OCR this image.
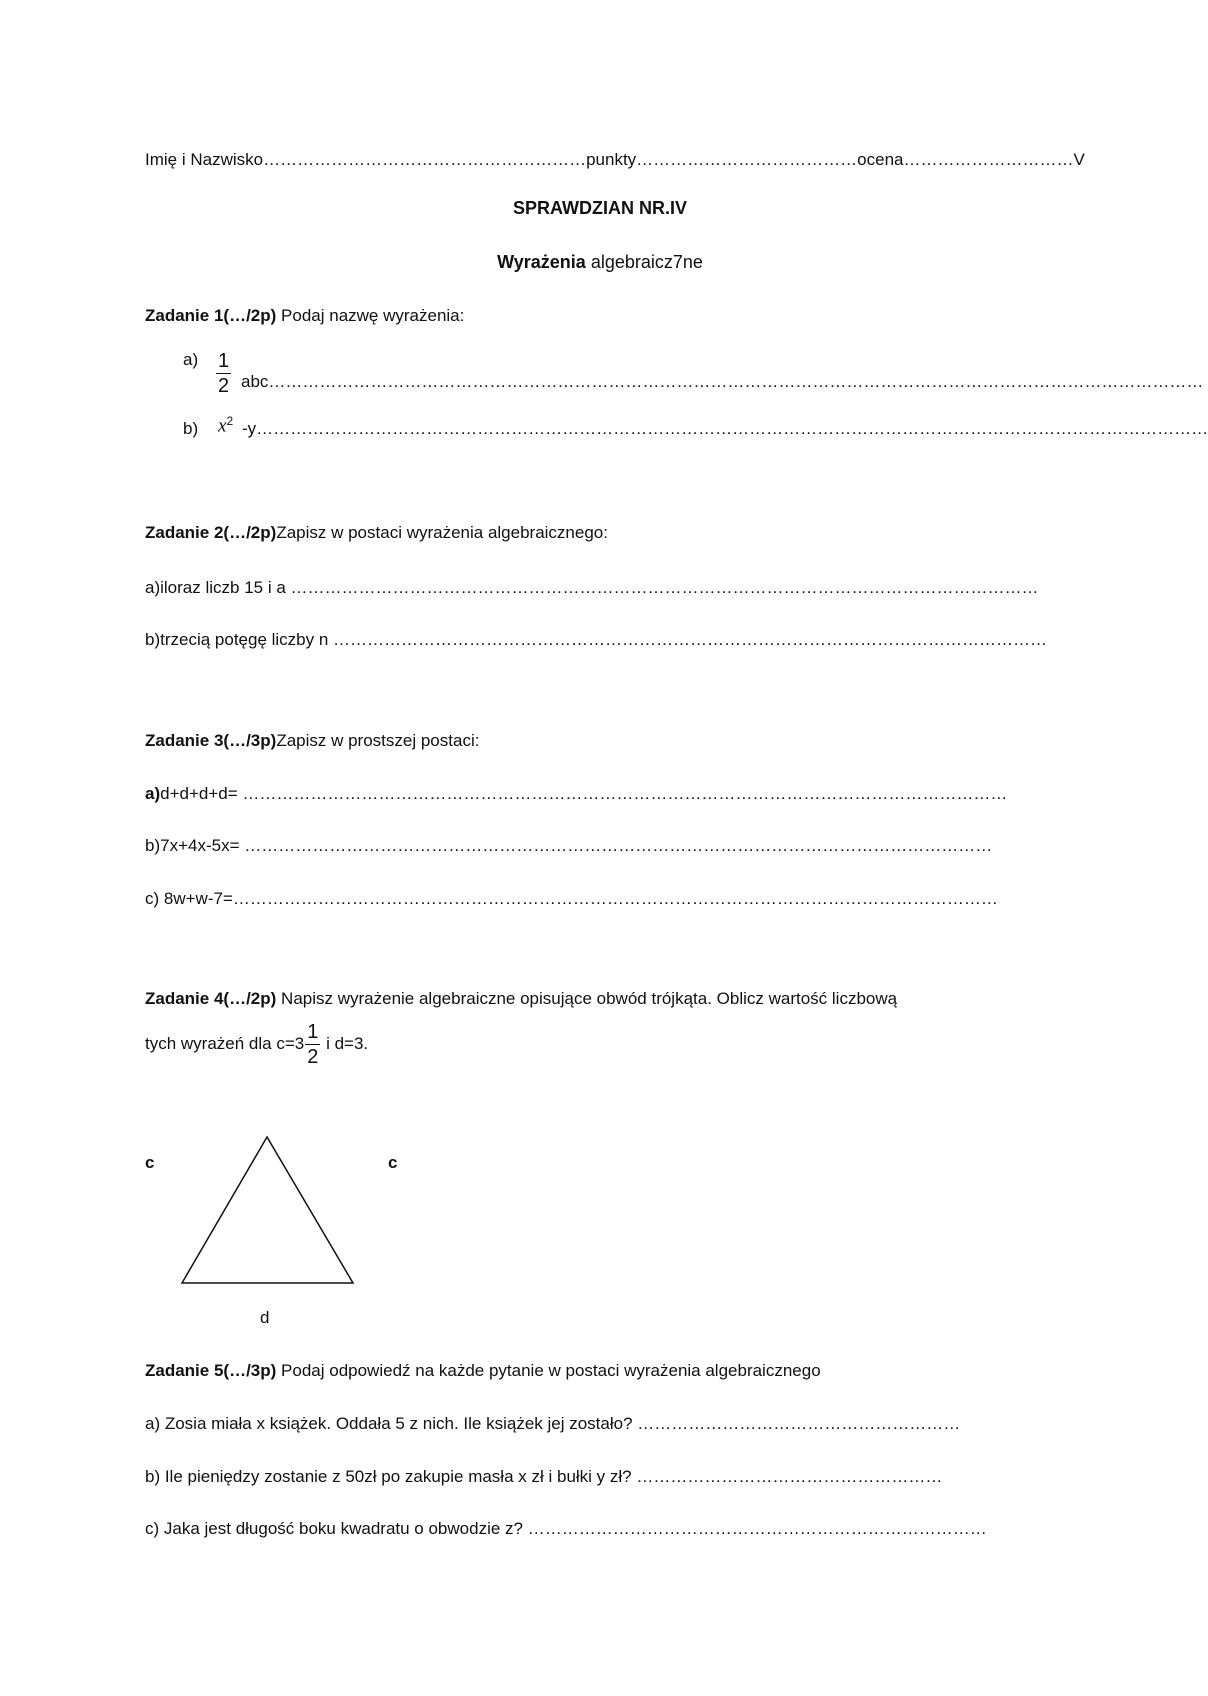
Imię i Nazwisko…………………………………………………punkty…………………………………ocena…………………………V
SPRAWDZIAN NR.IV
Wyrażenia algebraicz7ne
Zadanie 1(…/2p) Podaj nazwę wyrażenia:
$a) \frac{1}{2}$ abc…………………………………………………………………………………………………………………………………………………
b) $x^2$ -y……………………………………………………………………………………………………………………………………………………
Zadanie 2(…/2p)Zapisz w postaci wyrażenia algebraicznego:
a)iloraz liczb 15 i a ……………………………………………………………………………………………………………………
b)trzecią potęgę liczby n ………………………………………………………………………………………………………………
Zadanie 3(…/3p)Zapisz w prostszej postaci:
a)d+d+d+d= ………………………………………………………………………………………………………………………
b)7x+4x-5x= ……………………………………………………………………………………………………………………
c) 8w+w-7=………………………………………………………………………………………………………………………
Zadanie 4(…/2p) Napisz wyrażenie algebraiczne opisujące obwód trójkąta. Oblicz wartość liczbową
tych wyrażeń dla $c=3 \frac{1}{2}$ i d=3.
c	c
d
Zadanie 5(…/3p) Podaj odpowiedź na każde pytanie w postaci wyrażenia algebraicznego
a) Zosia miała x książek. Oddała 5 z nich. Ile książek jej zostało? …………………………………………………
b) Ile pieniędzy zostanie z 50zł po zakupie masła x zł i bułki y zł? ………………………………………………
c) Jaka jest długość boku kwadratu o obwodzie z? ………………………………………………………………………
